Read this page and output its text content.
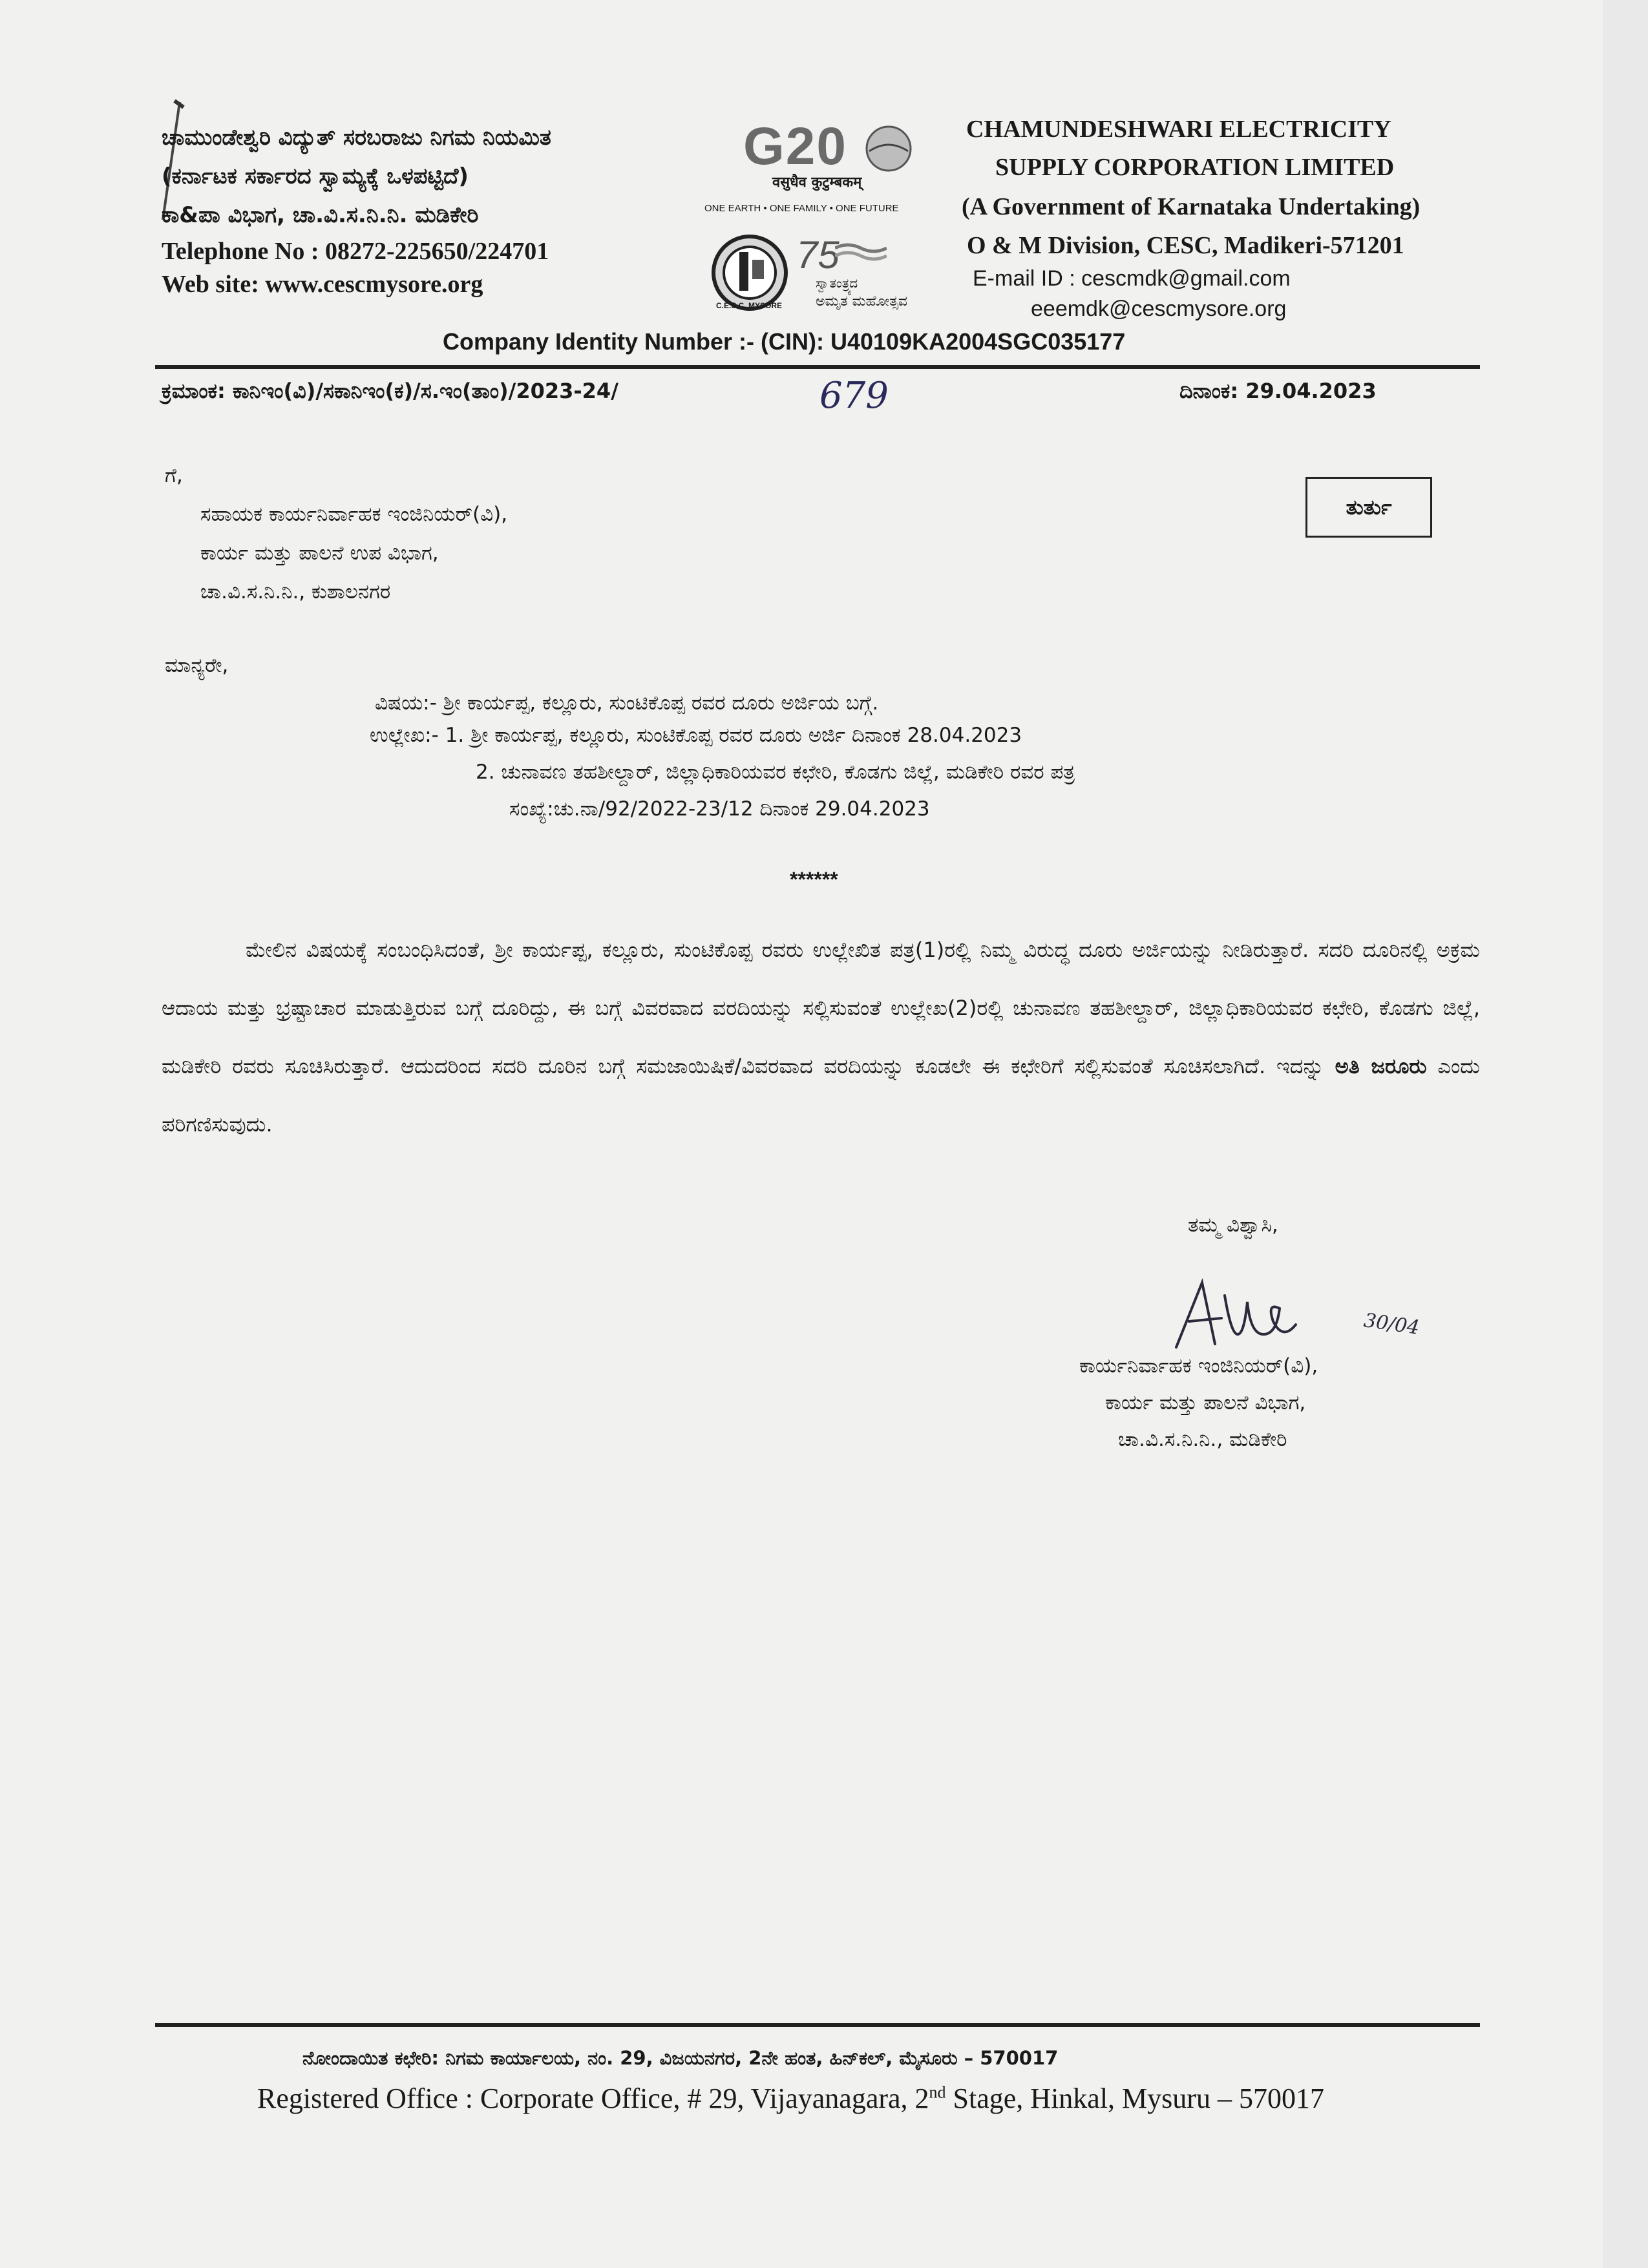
ಚಾಮುಂಡೇಶ್ವರಿ ವಿದ್ಯುತ್ ಸರಬರಾಜು ನಿಗಮ ನಿಯಮಿತ
(ಕರ್ನಾಟಕ ಸರ್ಕಾರದ ಸ್ವಾಮ್ಯಕ್ಕೆ ಒಳಪಟ್ಟಿದೆ)
ಕಾ&ಪಾ ವಿಭಾಗ, ಚಾ.ವಿ.ಸ.ನಿ.ನಿ. ಮಡಿಕೇರಿ
Telephone No : 08272-225650/224701
Web site: www.cescmysore.org
G20
वसुधैव कुटुम्बकम्
ONE EARTH • ONE FAMILY • ONE FUTURE
C.E.S.C. MYSORE
75
ಸ್ವಾತಂತ್ರ್ಯದ
ಅಮೃತ ಮಹೋತ್ಸವ
CHAMUNDESHWARI ELECTRICITY
SUPPLY CORPORATION LIMITED
(A Government of Karnataka Undertaking)
O & M Division, CESC, Madikeri-571201
E-mail ID : cescmdk@gmail.com
eeemdk@cescmysore.org
Company Identity Number :- (CIN): U40109KA2004SGC035177
ಕ್ರಮಾಂಕ: ಕಾನಿಇಂ(ವಿ)/ಸಕಾನಿಇಂ(ಕ)/ಸ.ಇಂ(ತಾಂ)/2023-24/	679	ದಿನಾಂಕ: 29.04.2023
ಗೆ,
ತುರ್ತು
ಸಹಾಯಕ ಕಾರ್ಯನಿರ್ವಾಹಕ ಇಂಜಿನಿಯರ್(ವಿ),
ಕಾರ್ಯ ಮತ್ತು ಪಾಲನೆ ಉಪ ವಿಭಾಗ,
ಚಾ.ವಿ.ಸ.ನಿ.ನಿ., ಕುಶಾಲನಗರ
ಮಾನ್ಯರೇ,
ವಿಷಯ:- ಶ್ರೀ ಕಾರ್ಯಪ್ಪ, ಕಲ್ಲೂರು, ಸುಂಟಿಕೊಪ್ಪ ರವರ ದೂರು ಅರ್ಜಿಯ ಬಗ್ಗೆ.
ಉಲ್ಲೇಖ:- 1. ಶ್ರೀ ಕಾರ್ಯಪ್ಪ, ಕಲ್ಲೂರು, ಸುಂಟಿಕೊಪ್ಪ ರವರ ದೂರು ಅರ್ಜಿ ದಿನಾಂಕ 28.04.2023
2. ಚುನಾವಣ ತಹಶೀಲ್ದಾರ್, ಜಿಲ್ಲಾಧಿಕಾರಿಯವರ ಕಛೇರಿ, ಕೊಡಗು ಜಿಲ್ಲೆ, ಮಡಿಕೇರಿ ರವರ ಪತ್ರ
ಸಂಖ್ಯೆ:ಚು.ನಾ/92/2022-23/12 ದಿನಾಂಕ 29.04.2023
******
ಮೇಲಿನ ವಿಷಯಕ್ಕೆ ಸಂಬಂಧಿಸಿದಂತೆ, ಶ್ರೀ ಕಾರ್ಯಪ್ಪ, ಕಲ್ಲೂರು, ಸುಂಟಿಕೊಪ್ಪ ರವರು ಉಲ್ಲೇಖಿತ ಪತ್ರ(1)ರಲ್ಲಿ ನಿಮ್ಮ ವಿರುದ್ಧ ದೂರು ಅರ್ಜಿಯನ್ನು ನೀಡಿರುತ್ತಾರೆ. ಸದರಿ ದೂರಿನಲ್ಲಿ ಅಕ್ರಮ ಆದಾಯ ಮತ್ತು ಭ್ರಷ್ಟಾಚಾರ ಮಾಡುತ್ತಿರುವ ಬಗ್ಗೆ ದೂರಿದ್ದು, ಈ ಬಗ್ಗೆ ವಿವರವಾದ ವರದಿಯನ್ನು ಸಲ್ಲಿಸುವಂತೆ ಉಲ್ಲೇಖ(2)ರಲ್ಲಿ ಚುನಾವಣ ತಹಶೀಲ್ದಾರ್, ಜಿಲ್ಲಾಧಿಕಾರಿಯವರ ಕಛೇರಿ, ಕೊಡಗು ಜಿಲ್ಲೆ, ಮಡಿಕೇರಿ ರವರು ಸೂಚಿಸಿರುತ್ತಾರೆ. ಆದುದರಿಂದ ಸದರಿ ದೂರಿನ ಬಗ್ಗೆ ಸಮಜಾಯಿಷಿಕೆ/ವಿವರವಾದ ವರದಿಯನ್ನು ಕೂಡಲೇ ಈ ಕಛೇರಿಗೆ ಸಲ್ಲಿಸುವಂತೆ ಸೂಚಿಸಲಾಗಿದೆ. ಇದನ್ನು ಅತಿ ಜರೂರು ಎಂದು ಪರಿಗಣಿಸುವುದು.
ತಮ್ಮ ವಿಶ್ವಾಸಿ,
30/04
ಕಾರ್ಯನಿರ್ವಾಹಕ ಇಂಜಿನಿಯರ್(ವಿ),
ಕಾರ್ಯ ಮತ್ತು ಪಾಲನೆ ವಿಭಾಗ,
ಚಾ.ವಿ.ಸ.ನಿ.ನಿ., ಮಡಿಕೇರಿ
ನೋಂದಾಯಿತ ಕಛೇರಿ: ನಿಗಮ ಕಾರ್ಯಾಲಯ, ನಂ. 29, ವಿಜಯನಗರ, 2ನೇ ಹಂತ, ಹಿನ್‌ಕಲ್, ಮೈಸೂರು – 570017
Registered Office : Corporate Office, # 29, Vijayanagara, 2nd Stage, Hinkal, Mysuru – 570017
